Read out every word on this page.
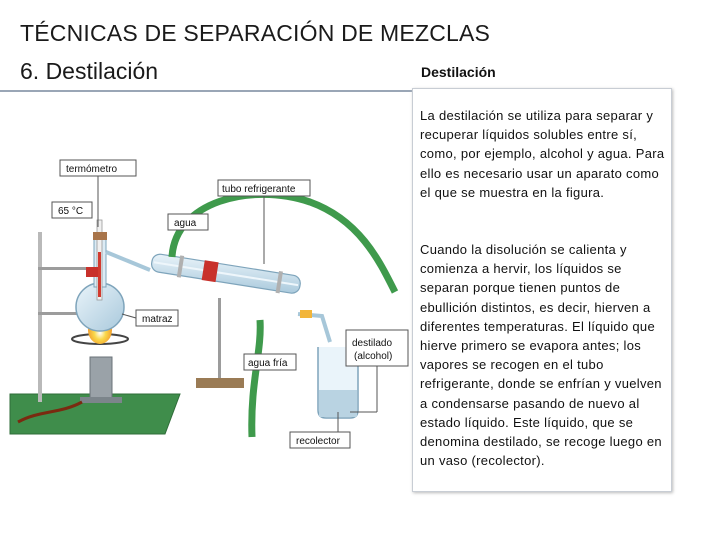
TÉCNICAS DE SEPARACIÓN DE MEZCLAS
6. Destilación	Destilación
termómetro
65 °C
tubo refrigerante
agua
matraz
agua fría
destilado
(alcohol)
recolector
La destilación se utiliza para separar y recuperar líquidos solubles entre sí, como, por ejemplo, alcohol y agua. Para ello es necesario usar un aparato como el que se muestra en la figura.
Cuando la disolución se calienta y comienza a hervir, los líquidos se separan porque tienen puntos de ebullición distintos, es decir, hierven a diferentes temperaturas. El líquido que hierve primero se evapora antes; los vapores se recogen en el tubo refrigerante, donde se enfrían y vuelven a condensarse pasando de nuevo al estado líquido. Este líquido, que se denomina destilado, se recoge luego en un vaso (recolector).
